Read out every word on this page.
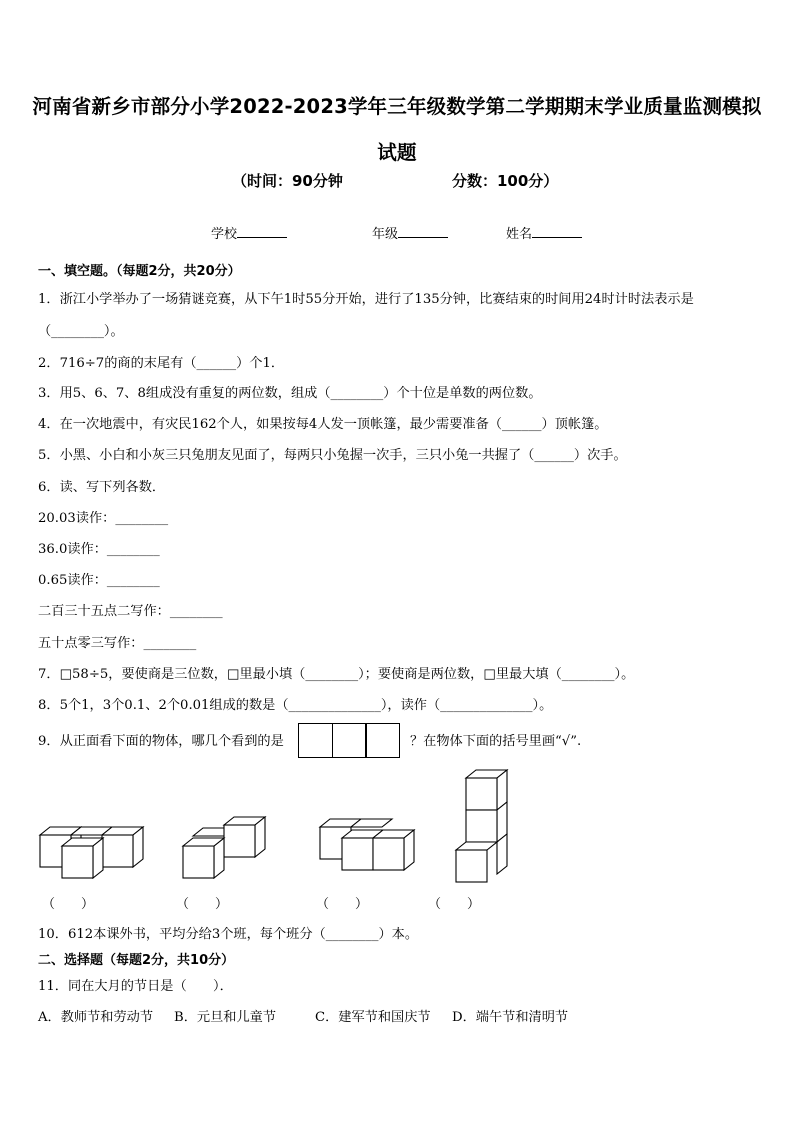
河南省新乡市部分小学2022-2023学年三年级数学第二学期期末学业质量监测模拟试题
（时间：90分钟	分数：100分）
学校	年级	姓名
一、填空题。（每题2分，共20分）
1．浙江小学举办了一场猜谜竞赛，从下午1时55分开始，进行了135分钟，比赛结束的时间用24时计时法表示是
（________）。
2．716÷7的商的末尾有（______）个1．
3．用5、6、7、8组成没有重复的两位数，组成（________）个十位是单数的两位数。
4．在一次地震中，有灾民162个人，如果按每4人发一顶帐篷，最少需要准备（______）顶帐篷。
5．小黑、小白和小灰三只兔朋友见面了，每两只小兔握一次手，三只小兔一共握了（______）次手。
6．读、写下列各数．
20.03读作：________
36.0读作：________
0.65读作：________
二百三十五点二写作：________
五十点零三写作：________
7．□58÷5，要使商是三位数，□里最小填（________）；要使商是两位数，□里最大填（________）。
8．5个1，3个0.1、2个0.01组成的数是（______________），读作（______________）。
9．从正面看下面的物体，哪几个看到的是	？在物体下面的括号里画“√”.
（　　）	（　　）	（　　）	（　　）
10．612本课外书，平均分给3个班，每个班分（________）本。
二、选择题（每题2分，共10分）
11．同在大月的节日是（　　）．
A．教师节和劳动节 B．元旦和儿童节	C．建军节和国庆节 D．端午节和清明节
